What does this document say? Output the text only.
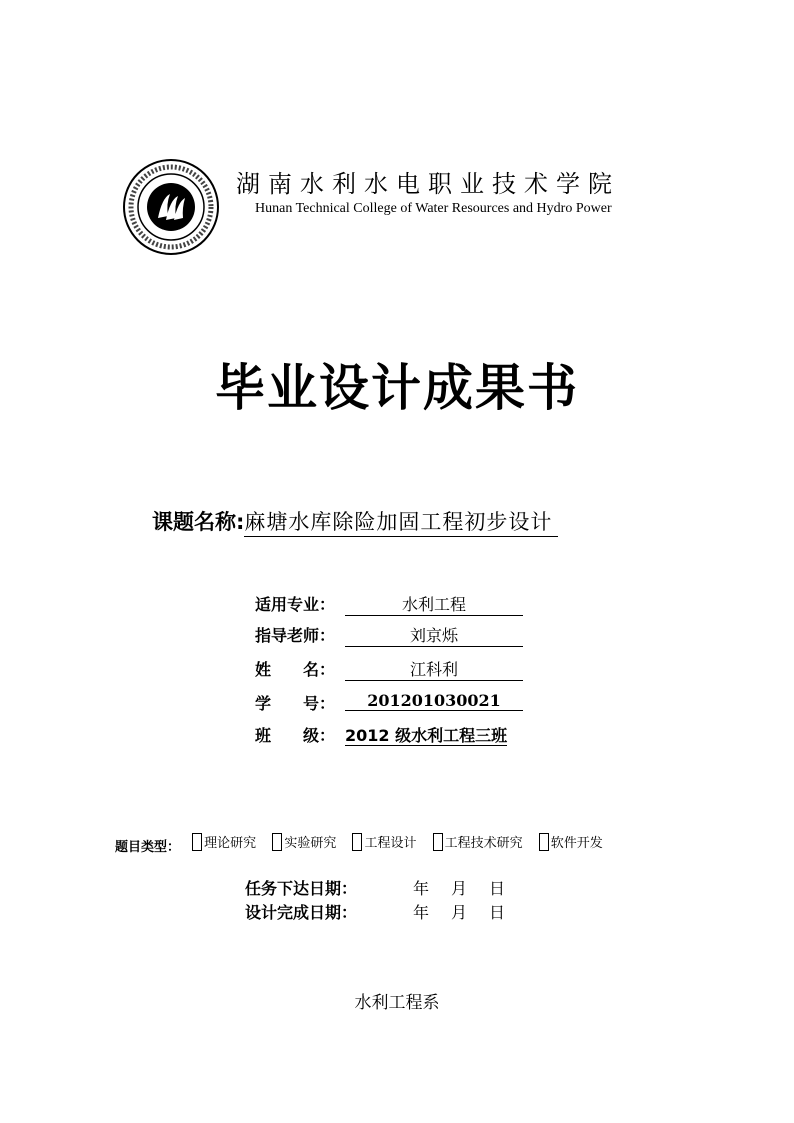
湖南水利水电职业技术学院
Hunan Technical College of Water Resources and Hydro Power
毕业设计成果书
课题名称:麻塘水库除险加固工程初步设计
适用专业：	水利工程
指导老师：	刘京烁
姓　　名：	江科利
学　　号：	201201030021
班　　级： 2012 级水利工程三班
题目类型： 理论研究
实验研究
工程设计
工程技术研究
软件开发
任务下达日期：	年 月 日
设计完成日期：	年 月 日
水利工程系
